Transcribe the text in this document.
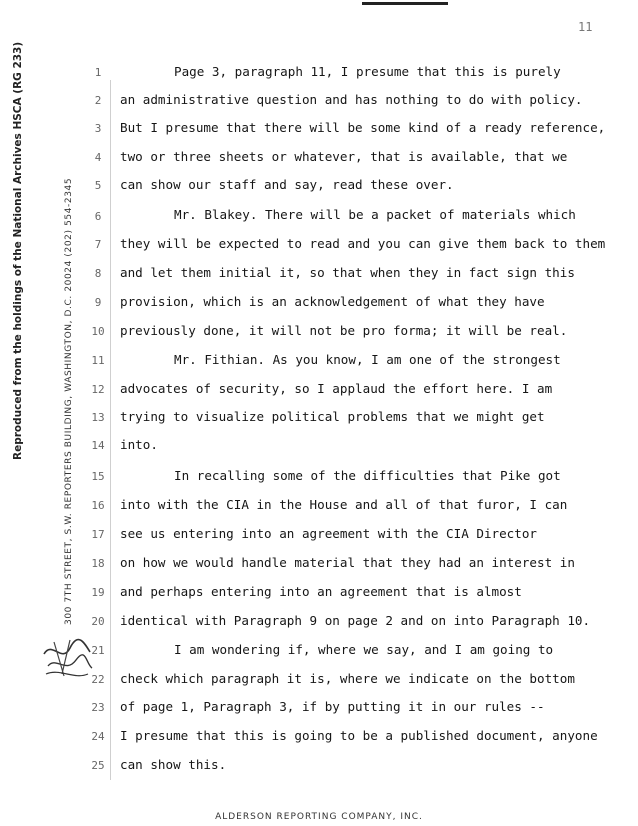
11
Reproduced from the holdings of the National Archives HSCA (RG 233)	300 7TH STREET, S.W. REPORTERS BUILDING, WASHINGTON, D.C. 20024 (202) 554-2345
1	Page 3, paragraph 11, I presume that this is purely
2	an administrative question and has nothing to do with policy.
3	But I presume that there will be some kind of a ready reference,
4	two or three sheets or whatever, that is available, that we
5	can show our staff and say, read these over.
6	Mr. Blakey. There will be a packet of materials which
7	they will be expected to read and you can give them back to them
8	and let them initial it, so that when they in fact sign this
9	provision, which is an acknowledgement of what they have
10	previously done, it will not be pro forma; it will be real.
11	Mr. Fithian. As you know, I am one of the strongest
12	advocates of security, so I applaud the effort here. I am
13	trying to visualize political problems that we might get
14	into.
15	In recalling some of the difficulties that Pike got
16	into with the CIA in the House and all of that furor, I can
17	see us entering into an agreement with the CIA Director
18	on how we would handle material that they had an interest in
19	and perhaps entering into an agreement that is almost
20	identical with Paragraph 9 on page 2 and on into Paragraph 10.
21	I am wondering if, where we say, and I am going to
22	check which paragraph it is, where we indicate on the bottom
23	of page 1, Paragraph 3, if by putting it in our rules --
24	I presume that this is going to be a published document, anyone
25	can show this.
ALDERSON REPORTING COMPANY, INC.
